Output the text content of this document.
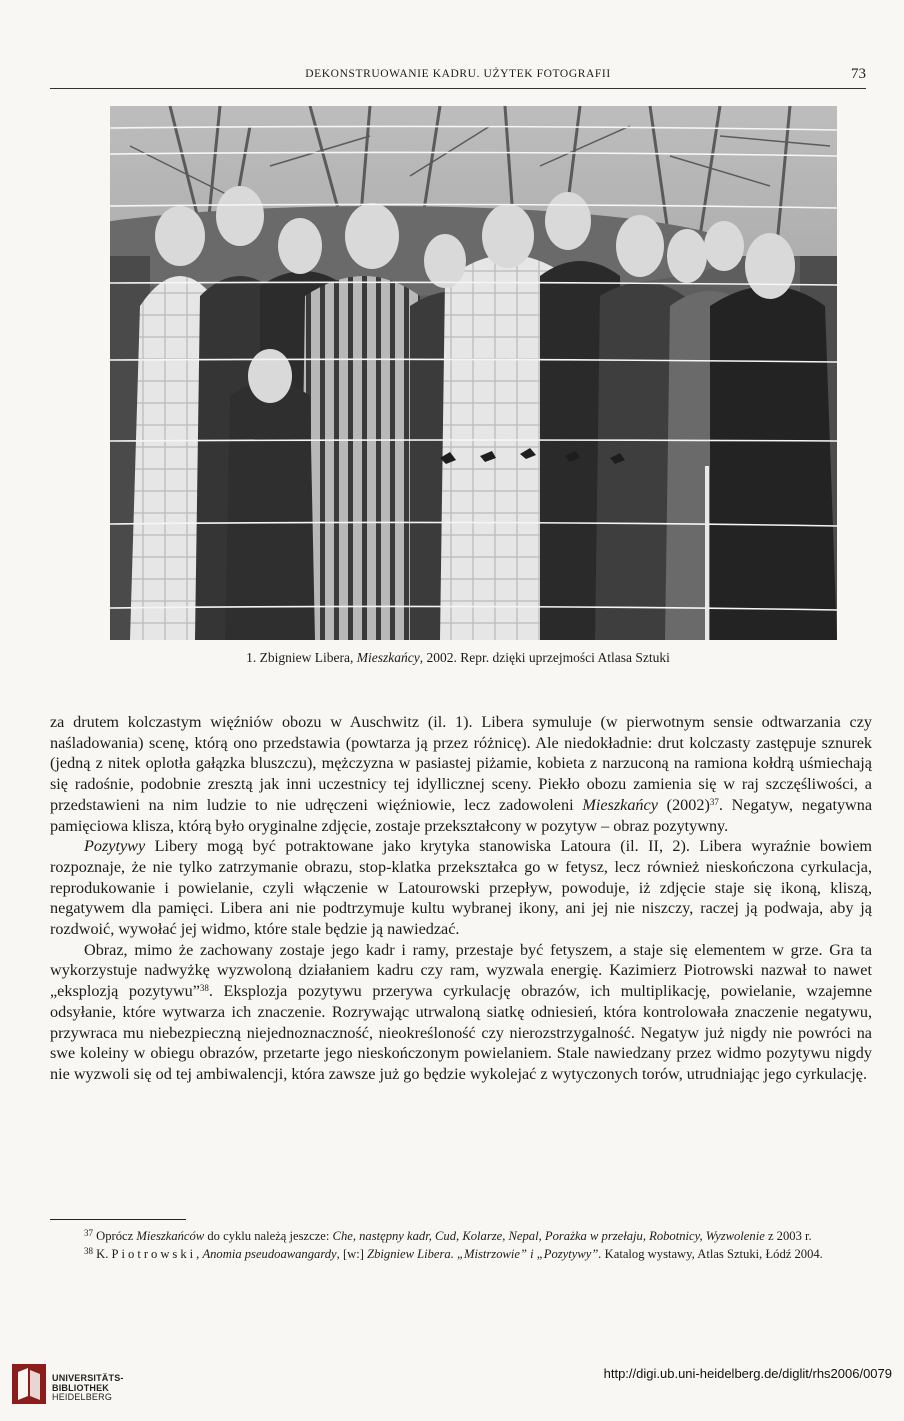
DEKONSTRUOWANIE KADRU. UŻYTEK FOTOGRAFII	73
1. Zbigniew Libera, Mieszkańcy, 2002. Repr. dzięki uprzejmości Atlasa Sztuki

za drutem kolczastym więźniów obozu w Auschwitz (il. 1). Libera symuluje (w pierwotnym sensie odtwarzania czy naśladowania) scenę, którą ono przedstawia (powtarza ją przez różnicę). Ale niedokładnie: drut kolczasty zastępuje sznurek (jedną z nitek oplotła gałązka bluszczu), mężczyzna w pasiastej piżamie, kobieta z narzuconą na ramiona kołdrą uśmiechają się radośnie, podobnie zresztą jak inni uczestnicy tej idyllicznej sceny. Piekło obozu zamienia się w raj szczęśliwości, a przedstawieni na nim ludzie to nie udręczeni więźniowie, lecz zadowoleni Mieszkańcy $(2002)^{37}$. Negatyw, negatywna pamięciowa klisza, którą było oryginalne zdjęcie, zostaje przekształcony w pozytyw – obraz pozytywny.

Pozytywy Libery mogą być potraktowane jako krytyka stanowiska Latoura (il. II, 2). Libera wyraźnie bowiem rozpoznaje, że nie tylko zatrzymanie obrazu, stop-klatka przekształca go w fetysz, lecz również nieskończona cyrkulacja, reprodukowanie i powielanie, czyli włączenie w Latourowski przepływ, powoduje, iż zdjęcie staje się ikoną, kliszą, negatywem dla pamięci. Libera ani nie podtrzymuje kultu wybranej ikony, ani jej nie niszczy, raczej ją podwaja, aby ją rozdwoić, wywołać jej widmo, które stale będzie ją nawiedzać.

Obraz, mimo że zachowany zostaje jego kadr i ramy, przestaje być fetyszem, a staje się elementem w grze. Gra ta wykorzystuje nadwyżkę wyzwoloną działaniem kadru czy ram, wyzwala energię. Kazimierz Piotrowski nazwał to nawet „eksplozją pozytywu”$^{38}$. Eksplozja pozytywu przerywa cyrkulację obrazów, ich multiplikację, powielanie, wzajemne odsyłanie, które wytwarza ich znaczenie. Rozrywając utrwaloną siatkę odniesień, która kontrolowała znaczenie negatywu, przywraca mu niebezpieczną niejednoznaczność, nieokreśloność czy nierozstrzygalność. Negatyw już nigdy nie powróci na swe koleiny w obiegu obrazów, przetarte jego nieskończonym powielaniem. Stale nawiedzany przez widmo pozytywu nigdy nie wyzwoli się od tej ambiwalencji, która zawsze już go będzie wykolejać z wytyczonych torów, utrudniając jego cyrkulację.

$^{37}$ Oprócz Mieszkańców do cyklu należą jeszcze: Che, następny kadr, Cud, Kolarze, Nepal, Porażka w przełaju, Robotnicy, Wyzwolenie z 2003 r.

$^{38}$ K. Piotrowski, Anomia pseudoawangardy, [w:] Zbigniew Libera. „Mistrzowie” i „Pozytywy”. Katalog wystawy, Atlas Sztuki, Łódź 2004.

UNIVERSITÄTS-
BIBLIOTHEK
HEIDELBERG
http://digi.ub.uni-heidelberg.de/diglit/rhs2006/0079
